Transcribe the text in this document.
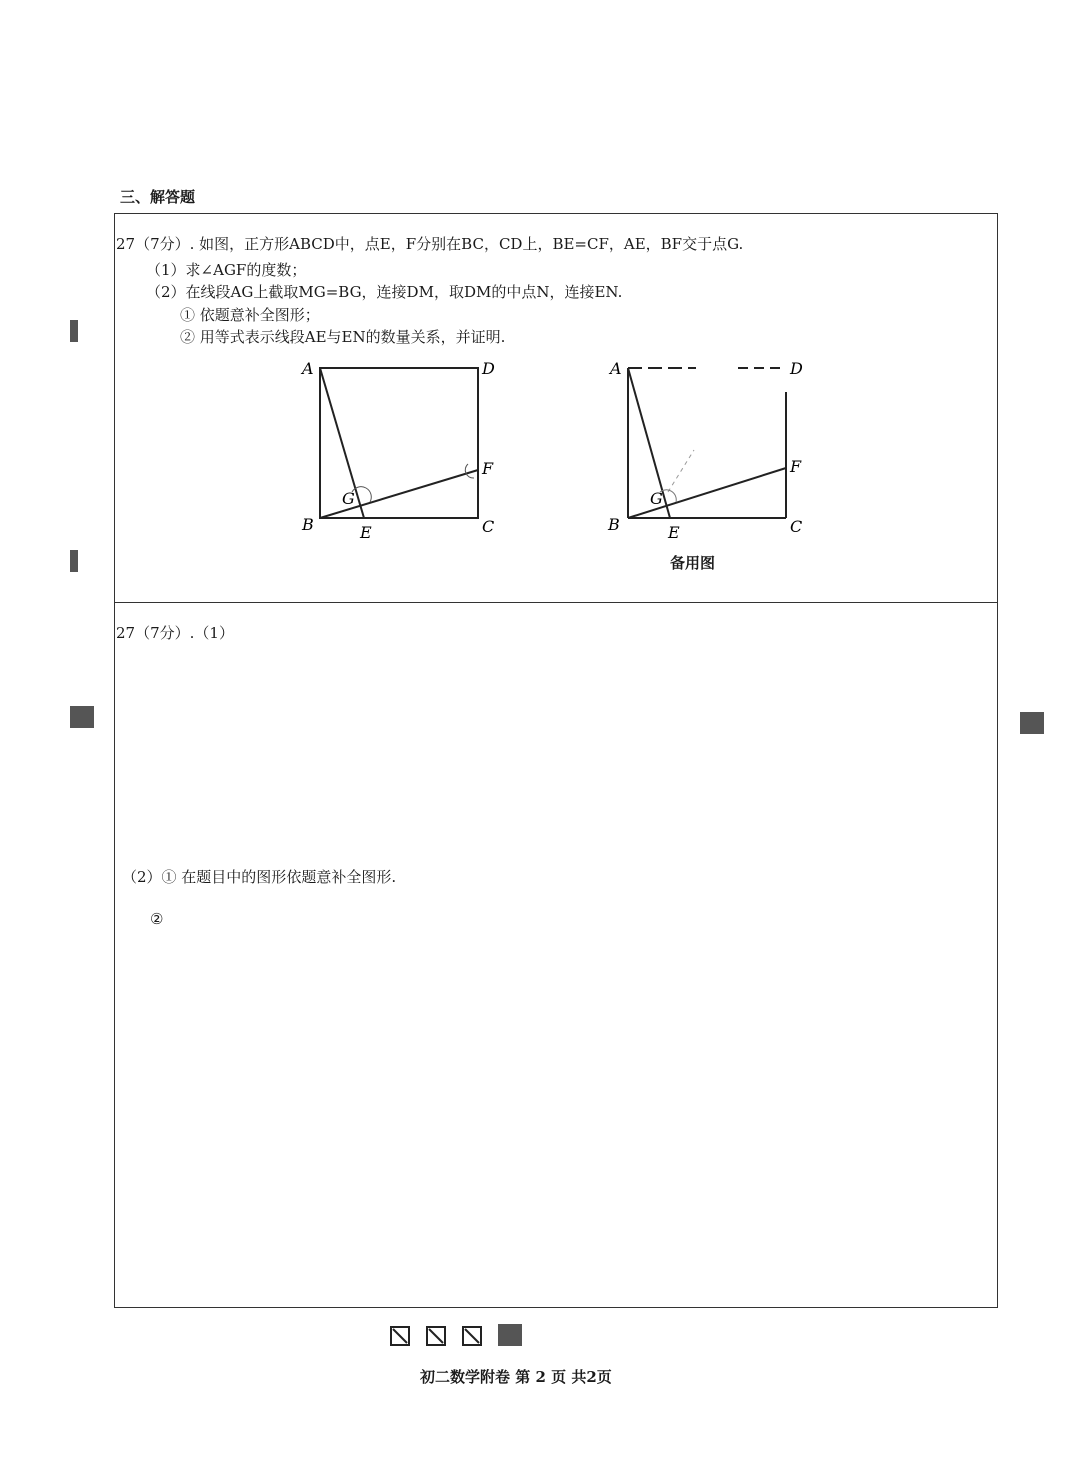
三、解答题
27（7分）. 如图，正方形ABCD中，点E，F分别在BC，CD上，BE=CF，AE，BF交于点G.
（1）求∠AGF的度数；
（2）在线段AG上截取MG=BG，连接DM，取DM的中点N，连接EN.
① 依题意补全图形；
② 用等式表示线段AE与EN的数量关系，并证明.
A	D
B	C
E
F
G
A	D
B	C
E
F
G
备用图
27（7分）.（1）
（2）① 在题目中的图形依题意补全图形.
②
初二数学附卷 第 2 页 共2页
